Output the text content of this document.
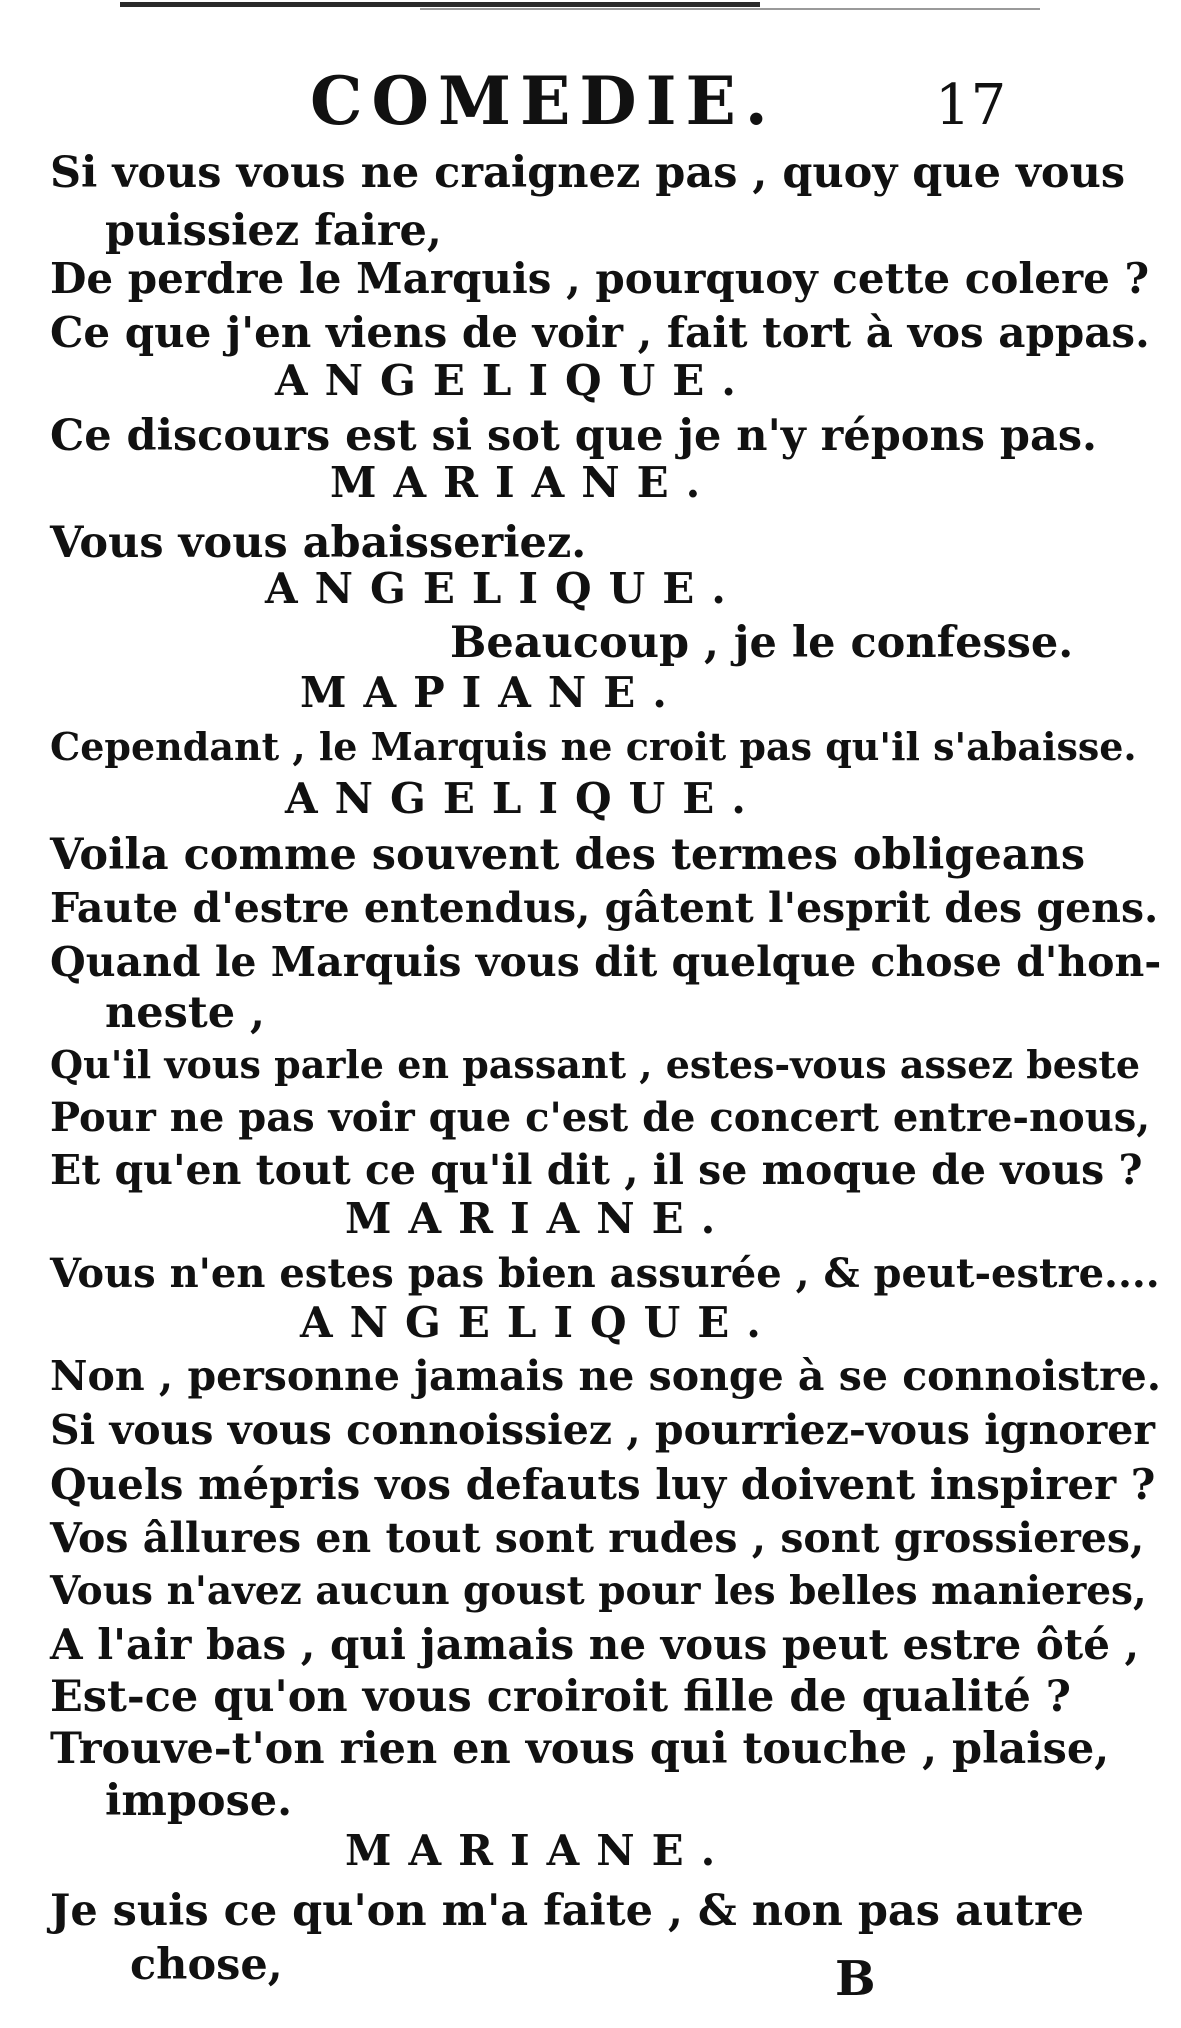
COMEDIE.	17
Si vous vous ne craignez pas , quoy que vous
puissiez faire,
De perdre le Marquis , pourquoy cette colere ?
Ce que j'en viens de voir , fait tort à vos appas.
ANGELIQUE.
Ce discours est si sot que je n'y répons pas.
MARIANE.
Vous vous abaisseriez.
ANGELIQUE.
Beaucoup , je le confesse.
MAPIANE.
Cependant , le Marquis ne croit pas qu'il s'abaisse.
ANGELIQUE.
Voila comme souvent des termes obligeans
Faute d'estre entendus, gâtent l'esprit des gens.
Quand le Marquis vous dit quelque chose d'hon-
neste ,
Qu'il vous parle en passant , estes-vous assez beste
Pour ne pas voir que c'est de concert entre-nous,
Et qu'en tout ce qu'il dit , il se moque de vous ?
MARIANE.
Vous n'en estes pas bien assurée , & peut-estre....
ANGELIQUE.
Non , personne jamais ne songe à se connoistre.
Si vous vous connoissiez , pourriez-vous ignorer
Quels mépris vos defauts luy doivent inspirer ?
Vos âllures en tout sont rudes , sont grossieres,
Vous n'avez aucun goust pour les belles manieres,
A l'air bas , qui jamais ne vous peut estre ôté ,
Est-ce qu'on vous croiroit fille de qualité ?
Trouve-t'on rien en vous qui touche , plaise,
impose.
MARIANE.
Je suis ce qu'on m'a faite , & non pas autre
chose,	B
